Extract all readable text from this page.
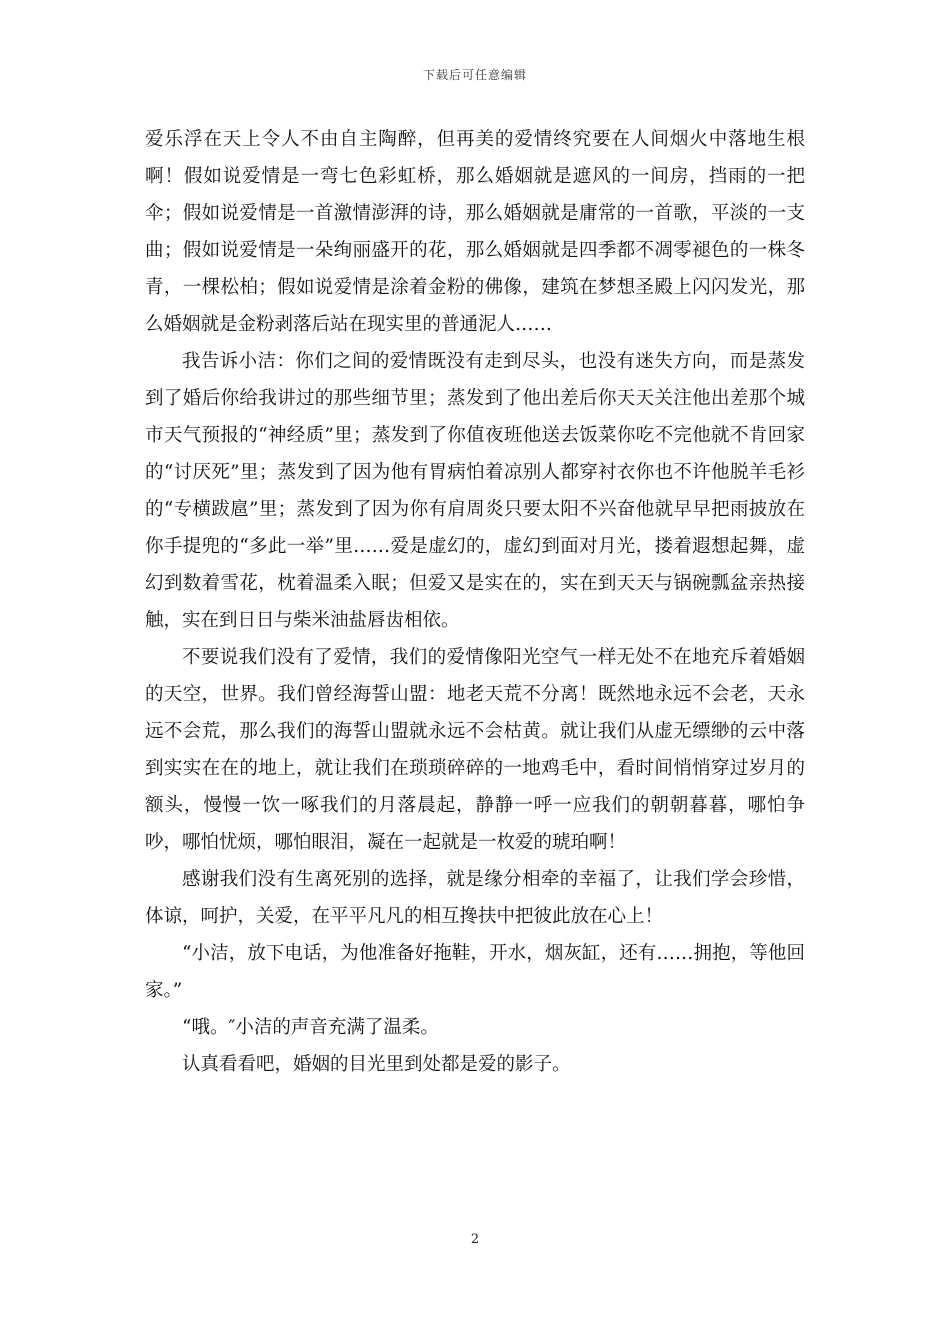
下载后可任意编辑

爱乐浮在天上令人不由自主陶醉，但再美的爱情终究要在人间烟火中落地生根啊！假如说爱情是一弯七色彩虹桥，那么婚姻就是遮风的一间房，挡雨的一把伞；假如说爱情是一首激情澎湃的诗，那么婚姻就是庸常的一首歌，平淡的一支曲；假如说爱情是一朵绚丽盛开的花，那么婚姻就是四季都不凋零褪色的一株冬青，一棵松柏；假如说爱情是涂着金粉的佛像，建筑在梦想圣殿上闪闪发光，那么婚姻就是金粉剥落后站在现实里的普通泥人……

我告诉小洁：你们之间的爱情既没有走到尽头，也没有迷失方向，而是蒸发到了婚后你给我讲过的那些细节里；蒸发到了他出差后你天天关注他出差那个城市天气预报的“神经质”里；蒸发到了你值夜班他送去饭菜你吃不完他就不肯回家的“讨厌死”里；蒸发到了因为他有胃病怕着凉别人都穿衬衣你也不许他脱羊毛衫的“专横跋扈”里；蒸发到了因为你有肩周炎只要太阳不兴奋他就早早把雨披放在你手提兜的“多此一举”里……爱是虚幻的，虚幻到面对月光，搂着遐想起舞，虚幻到数着雪花，枕着温柔入眠；但爱又是实在的，实在到天天与锅碗瓢盆亲热接触，实在到日日与柴米油盐唇齿相依。

不要说我们没有了爱情，我们的爱情像阳光空气一样无处不在地充斥着婚姻的天空，世界。我们曾经海誓山盟：地老天荒不分离！既然地永远不会老，天永远不会荒，那么我们的海誓山盟就永远不会枯黄。就让我们从虚无缥缈的云中落到实实在在的地上，就让我们在琐琐碎碎的一地鸡毛中，看时间悄悄穿过岁月的额头，慢慢一饮一啄我们的月落晨起，静静一呼一应我们的朝朝暮暮，哪怕争吵，哪怕忧烦，哪怕眼泪，凝在一起就是一枚爱的琥珀啊！

感谢我们没有生离死别的选择，就是缘分相牵的幸福了，让我们学会珍惜，体谅，呵护，关爱，在平平凡凡的相互搀扶中把彼此放在心上！

“小洁，放下电话，为他准备好拖鞋，开水，烟灰缸，还有……拥抱，等他回家。”

“哦。″小洁的声音充满了温柔。

认真看看吧，婚姻的目光里到处都是爱的影子。

2
